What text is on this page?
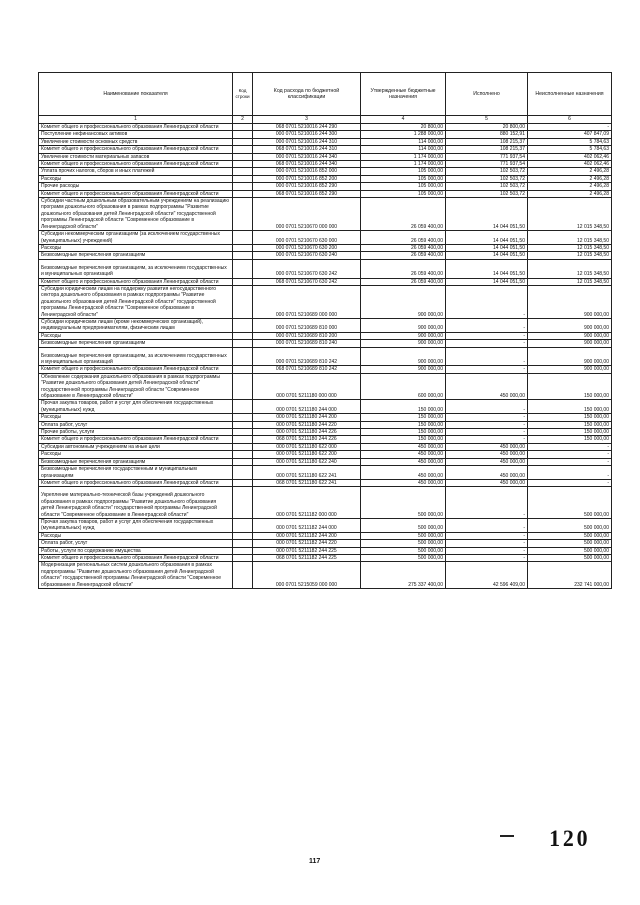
Наименование показателя	Код строки	Код расхода по бюджетной классификации	Утвержденные бюджетные назначения	Исполнено	Неисполненные назначения
1	2	3	4	5	6
Комитет общего и профессионального образования Ленинградской области		068 0701 5210016 244 290	20 800,00	20 800,00	-
Поступление нефинансовых активов		000 0701 5210016 244 300	1 288 000,00	880 152,91	407 847,09
Увеличение стоимости основных средств		000 0701 5210016 244 310	114 000,00	108 215,37	5 784,63
Комитет общего и профессионального образования Ленинградской области		068 0701 5210016 244 310	114 000,00	108 215,37	5 784,63
Увеличение стоимости материальных запасов		000 0701 5210016 244 340	1 174 000,00	771 937,54	402 062,46
Комитет общего и профессионального образования Ленинградской области		068 0701 5210016 244 340	1 174 000,00	771 937,54	402 062,46
Уплата прочих налогов, сборов и иных платежей		000 0701 5210016 852 000	105 000,00	102 503,72	2 496,28
Расходы		000 0701 5210016 852 200	105 000,00	102 503,72	2 496,28
Прочие расходы		000 0701 5210016 852 290	105 000,00	102 503,72	2 496,28
Комитет общего и профессионального образования Ленинградской области		068 0701 5210016 852 290	105 000,00	102 503,72	2 496,28
Субсидии частным дошкольным образовательным учреждениям на реализацию программ дошкольного образования в рамках подпрограммы "Развитие дошкольного образования детей Ленинградской области" государственной программы Ленинградской области "Современное образование в Ленинградской области"		000 0701 5210670 000 000	26 059 400,00	14 044 051,50	12 015 348,50
Субсидии некоммерческим организациям (за исключением государственных (муниципальных) учреждений)		000 0701 5210670 630 000	26 059 400,00	14 044 051,50	12 015 348,50
Расходы		000 0701 5210670 630 200	26 059 400,00	14 044 051,50	12 015 348,50
Безвозмездные перечисления организациям		000 0701 5210670 630 240	26 059 400,00	14 044 051,50	12 015 348,50
Безвозмездные перечисления организациям, за исключением государственных и муниципальных организаций		000 0701 5210670 630 242	26 059 400,00	14 044 051,50	12 015 348,50
Комитет общего и профессионального образования Ленинградской области		068 0701 5210670 630 242	26 059 400,00	14 044 051,50	12 015 348,50
Субсидии юридическим лицам на поддержку развития негосударственного сектора дошкольного образования в рамках подпрограммы "Развитие дошкольного образования детей Ленинградской области" государственной программы Ленинградской области "Современное образование в Ленинградской области"		000 0701 5210689 000 000	900 000,00	-	900 000,00
Субсидии юридическим лицам (кроме некоммерческих организаций), индивидуальным предпринимателям, физическим лицам		000 0701 5210689 810 000	900 000,00	-	900 000,00
Расходы		000 0701 5210689 810 200	900 000,00	-	900 000,00
Безвозмездные перечисления организациям		000 0701 5210689 810 240	900 000,00	-	900 000,00
Безвозмездные перечисления организациям, за исключением государственных и муниципальных организаций		000 0701 5210689 810 242	900 000,00	-	900 000,00
Комитет общего и профессионального образования Ленинградской области		068 0701 5210689 810 242	900 000,00	-	900 000,00
Обновление содержания дошкольного образования в рамках подпрограммы "Развитие дошкольного образования детей Ленинградской области" государственной программы Ленинградской области "Современное образование в Ленинградской области"		000 0701 5211180 000 000	600 000,00	450 000,00	150 000,00
Прочая закупка товаров, работ и услуг для обеспечения государственных (муниципальных) нужд		000 0701 5211180 244 000	150 000,00	-	150 000,00
Расходы		000 0701 5211180 244 200	150 000,00	-	150 000,00
Оплата работ, услуг		000 0701 5211180 244 220	150 000,00	-	150 000,00
Прочие работы, услуги		000 0701 5211180 244 226	150 000,00	-	150 000,00
Комитет общего и профессионального образования Ленинградской области		068 0701 5211180 244 226	150 000,00	-	150 000,00
Субсидии автономным учреждениям на иные цели		000 0701 5211180 622 000	450 000,00	450 000,00	-
Расходы		000 0701 5211180 622 200	450 000,00	450 000,00	-
Безвозмездные перечисления организациям		000 0701 5211180 622 240	450 000,00	450 000,00	-
Безвозмездные перечисления государственным и муниципальным организациям		000 0701 5211180 622 241	450 000,00	450 000,00	-
Комитет общего и профессионального образования Ленинградской области		068 0701 5211180 622 241	450 000,00	450 000,00	-
Укрепление материально-технической базы учреждений дошкольного образования в рамках подпрограммы "Развитие дошкольного образования детей Ленинградской области" государственной программы Ленинградской области "Современное образование в Ленинградской области"		000 0701 5211182 000 000	500 000,00	-	500 000,00
Прочая закупка товаров, работ и услуг для обеспечения государственных (муниципальных) нужд		000 0701 5211182 244 000	500 000,00	-	500 000,00
Расходы		000 0701 5211182 244 200	500 000,00	-	500 000,00
Оплата работ, услуг		000 0701 5211182 244 220	500 000,00	-	500 000,00
Работы, услуги по содержанию имущества		000 0701 5211182 244 225	500 000,00	-	500 000,00
Комитет общего и профессионального образования Ленинградской области		068 0701 5211182 244 225	500 000,00	-	500 000,00
Модернизация региональных систем дошкольного образования в рамках подпрограммы "Развитие дошкольного образования детей Ленинградской области" государственной программы Ленинградской области "Современное образование в Ленинградской области"		000 0701 5215059 000 000	275 337 400,00	42 596 409,00	232 741 000,00
120
117
